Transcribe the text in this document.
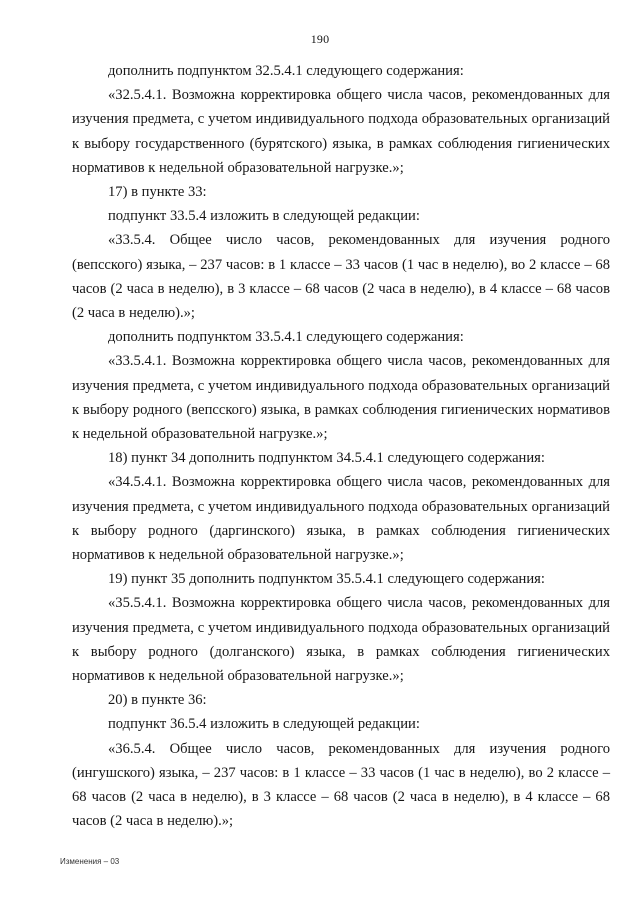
190

дополнить подпунктом 32.5.4.1 следующего содержания:

«32.5.4.1. Возможна корректировка общего числа часов, рекомендованных для изучения предмета, с учетом индивидуального подхода образовательных организаций к выбору государственного (бурятского) языка, в рамках соблюдения гигиенических нормативов к недельной образовательной нагрузке.»;

17) в пункте 33:

подпункт 33.5.4 изложить в следующей редакции:

«33.5.4. Общее число часов, рекомендованных для изучения родного (вепсского) языка, – 237 часов: в 1 классе – 33 часов (1 час в неделю), во 2 классе – 68 часов (2 часа в неделю), в 3 классе – 68 часов (2 часа в неделю), в 4 классе – 68 часов (2 часа в неделю).»;

дополнить подпунктом 33.5.4.1 следующего содержания:

«33.5.4.1. Возможна корректировка общего числа часов, рекомендованных для изучения предмета, с учетом индивидуального подхода образовательных организаций к выбору родного (вепсского) языка, в рамках соблюдения гигиенических нормативов к недельной образовательной нагрузке.»;

18) пункт 34 дополнить подпунктом 34.5.4.1 следующего содержания:

«34.5.4.1. Возможна корректировка общего числа часов, рекомендованных для изучения предмета, с учетом индивидуального подхода образовательных организаций к выбору родного (даргинского) языка, в рамках соблюдения гигиенических нормативов к недельной образовательной нагрузке.»;

19) пункт 35 дополнить подпунктом 35.5.4.1 следующего содержания:

«35.5.4.1. Возможна корректировка общего числа часов, рекомендованных для изучения предмета, с учетом индивидуального подхода образовательных организаций к выбору родного (долганского) языка, в рамках соблюдения гигиенических нормативов к недельной образовательной нагрузке.»;

20) в пункте 36:

подпункт 36.5.4 изложить в следующей редакции:

«36.5.4. Общее число часов, рекомендованных для изучения родного (ингушского) языка, – 237 часов: в 1 классе – 33 часов (1 час в неделю), во 2 классе – 68 часов (2 часа в неделю), в 3 классе – 68 часов (2 часа в неделю), в 4 классе – 68 часов (2 часа в неделю).»;

Изменения – 03
